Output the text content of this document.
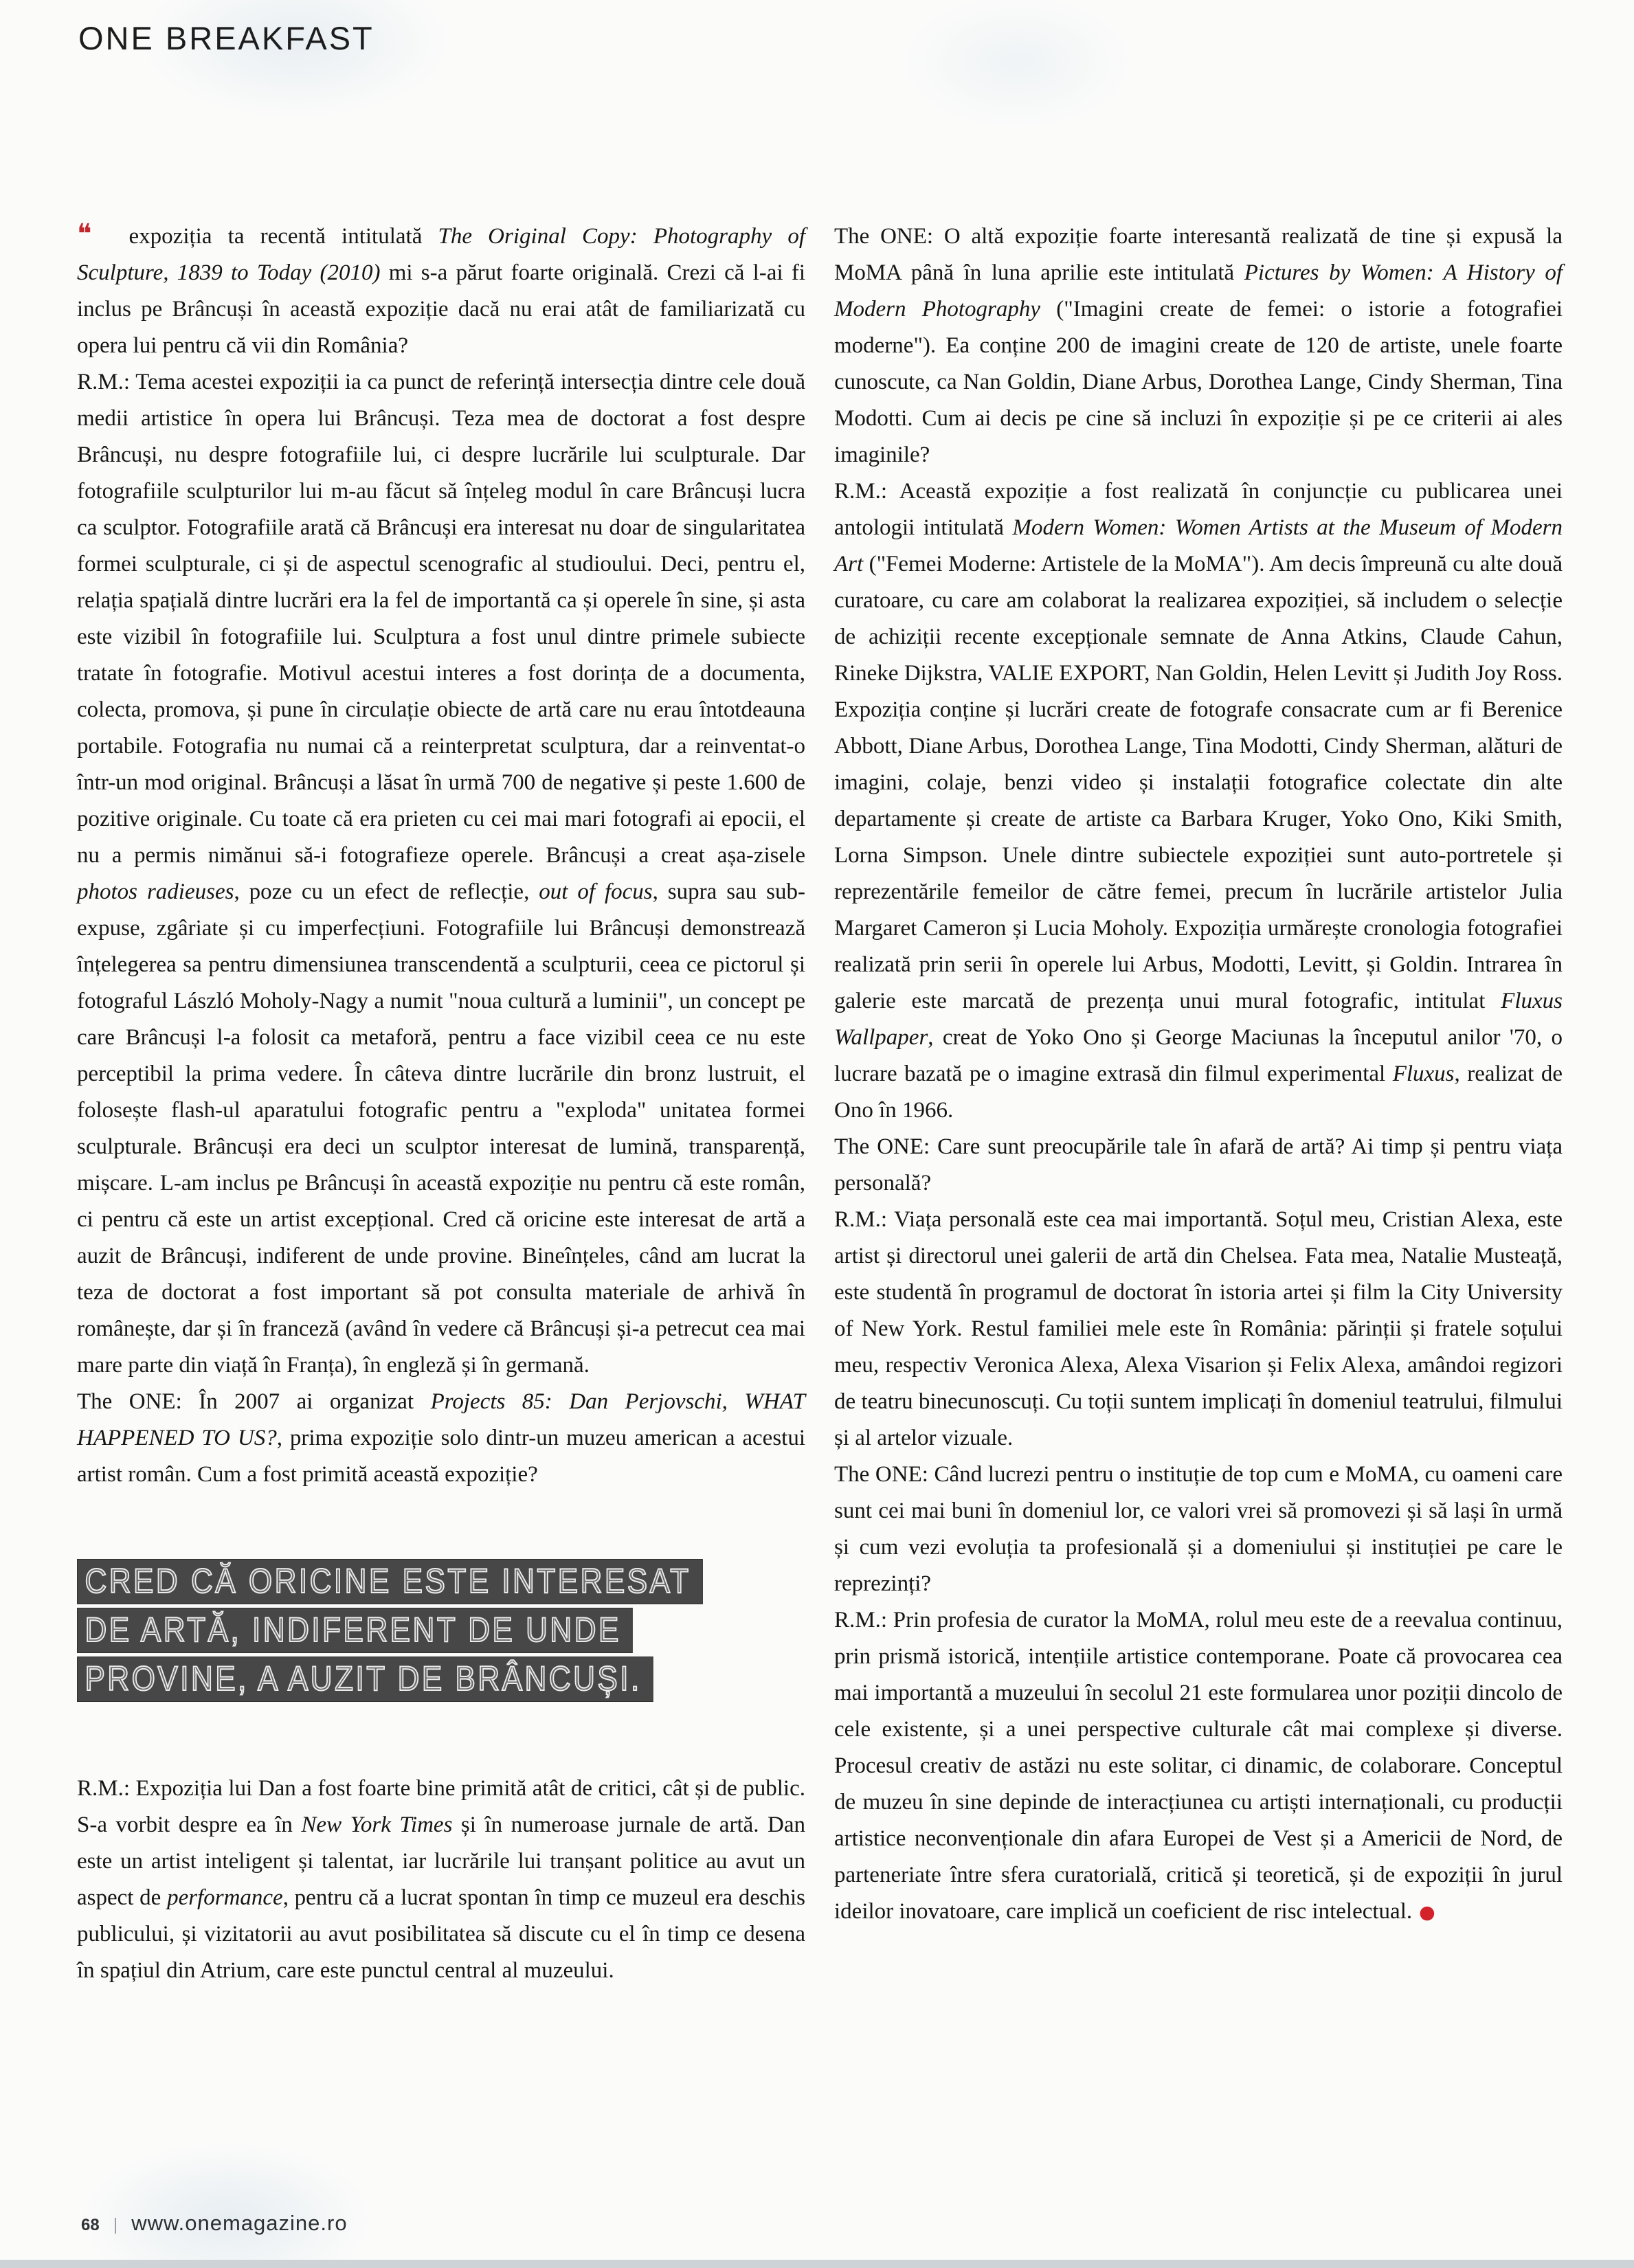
ONE BREAKFAST
❝ expoziția ta recentă intitulată The Original Copy: Photography of Sculpture, 1839 to Today (2010) mi s-a părut foarte originală. Crezi că l-ai fi inclus pe Brâncuși în această expoziție dacă nu erai atât de familiarizată cu opera lui pentru că vii din România?
R.M.: Tema acestei expoziții ia ca punct de referință intersecția dintre cele două medii artistice în opera lui Brâncuși. Teza mea de doctorat a fost despre Brâncuși, nu despre fotografiile lui, ci despre lucrările lui sculpturale. Dar fotografiile sculpturilor lui m-au făcut să înțeleg modul în care Brâncuși lucra ca sculptor. Fotografiile arată că Brâncuși era interesat nu doar de singularitatea formei sculpturale, ci și de aspectul scenografic al studioului. Deci, pentru el, relația spațială dintre lucrări era la fel de importantă ca și operele în sine, și asta este vizibil în fotografiile lui. Sculptura a fost unul dintre primele subiecte tratate în fotografie. Motivul acestui interes a fost dorința de a documenta, colecta, promova, și pune în circulație obiecte de artă care nu erau întotdeauna portabile. Fotografia nu numai că a reinterpretat sculptura, dar a reinventat-o într-un mod original. Brâncuși a lăsat în urmă 700 de negative și peste 1.600 de pozitive originale. Cu toate că era prieten cu cei mai mari fotografi ai epocii, el nu a permis nimănui să-i fotografieze operele. Brâncuși a creat așa-zisele photos radieuses, poze cu un efect de reflecție, out of focus, supra sau sub-expuse, zgâriate și cu imperfecțiuni. Fotografiile lui Brâncuși demonstrează înțelegerea sa pentru dimensiunea transcendentă a sculpturii, ceea ce pictorul și fotograful László Moholy-Nagy a numit "noua cultură a luminii", un concept pe care Brâncuși l-a folosit ca metaforă, pentru a face vizibil ceea ce nu este perceptibil la prima vedere. În câteva dintre lucrările din bronz lustruit, el folosește flash-ul aparatului fotografic pentru a "exploda" unitatea formei sculpturale. Brâncuși era deci un sculptor interesat de lumină, transparență, mișcare. L-am inclus pe Brâncuși în această expoziție nu pentru că este român, ci pentru că este un artist excepțional. Cred că oricine este interesat de artă a auzit de Brâncuși, indiferent de unde provine. Bineînțeles, când am lucrat la teza de doctorat a fost important să pot consulta materiale de arhivă în românește, dar și în franceză (având în vedere că Brâncuși și-a petrecut cea mai mare parte din viață în Franța), în engleză și în germană.
The ONE: În 2007 ai organizat Projects 85: Dan Perjovschi, WHAT HAPPENED TO US?, prima expoziție solo dintr-un muzeu american a acestui artist român. Cum a fost primită această expoziție?
CRED CĂ ORICINE ESTE INTERESAT
DE ARTĂ, INDIFERENT DE UNDE
PROVINE, A AUZIT DE BRÂNCUȘI.
R.M.: Expoziția lui Dan a fost foarte bine primită atât de critici, cât și de public. S-a vorbit despre ea în New York Times și în numeroase jurnale de artă. Dan este un artist inteligent și talentat, iar lucrările lui tranșant politice au avut un aspect de performance, pentru că a lucrat spontan în timp ce muzeul era deschis publicului, și vizitatorii au avut posibilitatea să discute cu el în timp ce desena în spațiul din Atrium, care este punctul central al muzeului.
The ONE: O altă expoziție foarte interesantă realizată de tine și expusă la MoMA până în luna aprilie este intitulată Pictures by Women: A History of Modern Photography ("Imagini create de femei: o istorie a fotografiei moderne"). Ea conține 200 de imagini create de 120 de artiste, unele foarte cunoscute, ca Nan Goldin, Diane Arbus, Dorothea Lange, Cindy Sherman, Tina Modotti. Cum ai decis pe cine să incluzi în expoziție și pe ce criterii ai ales imaginile?
R.M.: Această expoziție a fost realizată în conjuncție cu publicarea unei antologii intitulată Modern Women: Women Artists at the Museum of Modern Art ("Femei Moderne: Artistele de la MoMA"). Am decis împreună cu alte două curatoare, cu care am colaborat la realizarea expoziției, să includem o selecție de achiziții recente excepționale semnate de Anna Atkins, Claude Cahun, Rineke Dijkstra, VALIE EXPORT, Nan Goldin, Helen Levitt și Judith Joy Ross. Expoziția conține și lucrări create de fotografe consacrate cum ar fi Berenice Abbott, Diane Arbus, Dorothea Lange, Tina Modotti, Cindy Sherman, alături de imagini, colaje, benzi video și instalații fotografice colectate din alte departamente și create de artiste ca Barbara Kruger, Yoko Ono, Kiki Smith, Lorna Simpson. Unele dintre subiectele expoziției sunt auto-portretele și reprezentările femeilor de către femei, precum în lucrările artistelor Julia Margaret Cameron și Lucia Moholy. Expoziția urmărește cronologia fotografiei realizată prin serii în operele lui Arbus, Modotti, Levitt, și Goldin. Intrarea în galerie este marcată de prezența unui mural fotografic, intitulat Fluxus Wallpaper, creat de Yoko Ono și George Maciunas la începutul anilor '70, o lucrare bazată pe o imagine extrasă din filmul experimental Fluxus, realizat de Ono în 1966.
The ONE: Care sunt preocupările tale în afară de artă? Ai timp și pentru viața personală?
R.M.: Viața personală este cea mai importantă. Soțul meu, Cristian Alexa, este artist și directorul unei galerii de artă din Chelsea. Fata mea, Natalie Musteață, este studentă în programul de doctorat în istoria artei și film la City University of New York. Restul familiei mele este în România: părinții și fratele soțului meu, respectiv Veronica Alexa, Alexa Visarion și Felix Alexa, amândoi regizori de teatru binecunoscuți. Cu toții suntem implicați în domeniul teatrului, filmului și al artelor vizuale.
The ONE: Când lucrezi pentru o instituție de top cum e MoMA, cu oameni care sunt cei mai buni în domeniul lor, ce valori vrei să promovezi și să lași în urmă și cum vezi evoluția ta profesională și a domeniului și instituției pe care le reprezinți?
R.M.: Prin profesia de curator la MoMA, rolul meu este de a reevalua continuu, prin prismă istorică, intențiile artistice contemporane. Poate că provocarea cea mai importantă a muzeului în secolul 21 este formularea unor poziții dincolo de cele existente, și a unei perspective culturale cât mai complexe și diverse. Procesul creativ de astăzi nu este solitar, ci dinamic, de colaborare. Conceptul de muzeu în sine depinde de interacțiunea cu artiști internaționali, cu producții artistice neconvenționale din afara Europei de Vest și a Americii de Nord, de parteneriate între sfera curatorială, critică și teoretică, și de expoziții în jurul ideilor inovatoare, care implică un coeficient de risc intelectual. ●
68 | www.onemagazine.ro
